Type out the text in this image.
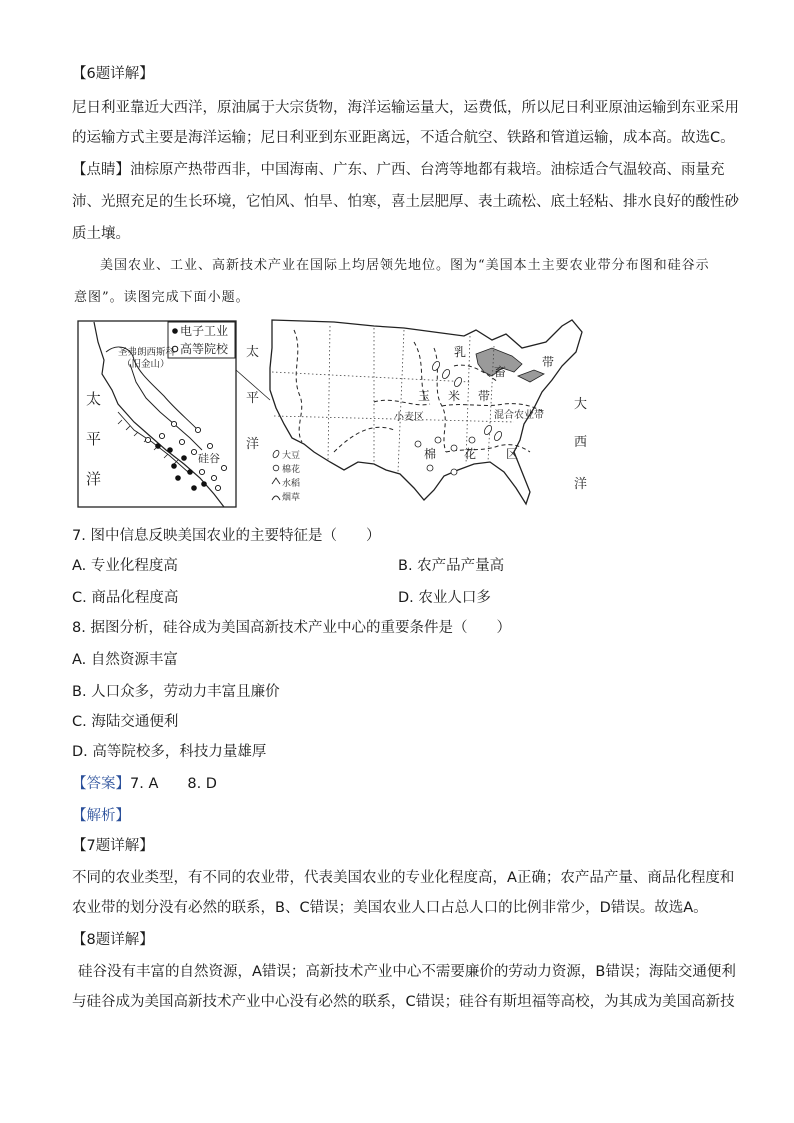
【6题详解】
尼日利亚靠近大西洋，原油属于大宗货物，海洋运输运量大，运费低，所以尼日利亚原油运输到东亚采用
的运输方式主要是海洋运输；尼日利亚到东亚距离远，不适合航空、铁路和管道运输，成本高。故选C。
【点睛】油棕原产热带西非，中国海南、广东、广西、台湾等地都有栽培。油棕适合气温较高、雨量充
沛、光照充足的生长环境，它怕风、怕旱、怕寒，喜土层肥厚、表土疏松、底土轻粘、排水良好的酸性砂
质土壤。
美国农业、工业、高新技术产业在国际上均居领先地位。图为“美国本土主要农业带分布图和硅谷示
意图”。读图完成下面小题。
电子工业
高等院校
圣弗朗西斯科
（旧金山）
太
平
洋
硅谷
乳
畜
带
玉 米 带
小麦区	混合农业带
棉 花 区
大豆
棉花
水稻
烟草
太
平
洋
大
西
洋
7. 图中信息反映美国农业的主要特征是（　　）
A. 专业化程度高	B. 农产品产量高
C. 商品化程度高	D. 农业人口多
8. 据图分析，硅谷成为美国高新技术产业中心的重要条件是（　　）
A. 自然资源丰富
B. 人口众多，劳动力丰富且廉价
C. 海陆交通便利
D. 高等院校多，科技力量雄厚
【答案】7. A　　8. D
【解析】
【7题详解】
不同的农业类型，有不同的农业带，代表美国农业的专业化程度高，A正确；农产品产量、商品化程度和
农业带的划分没有必然的联系，B、C错误；美国农业人口占总人口的比例非常少，D错误。故选A。
【8题详解】
硅谷没有丰富的自然资源，A错误；高新技术产业中心不需要廉价的劳动力资源，B错误；海陆交通便利
与硅谷成为美国高新技术产业中心没有必然的联系，C错误；硅谷有斯坦福等高校，为其成为美国高新技
